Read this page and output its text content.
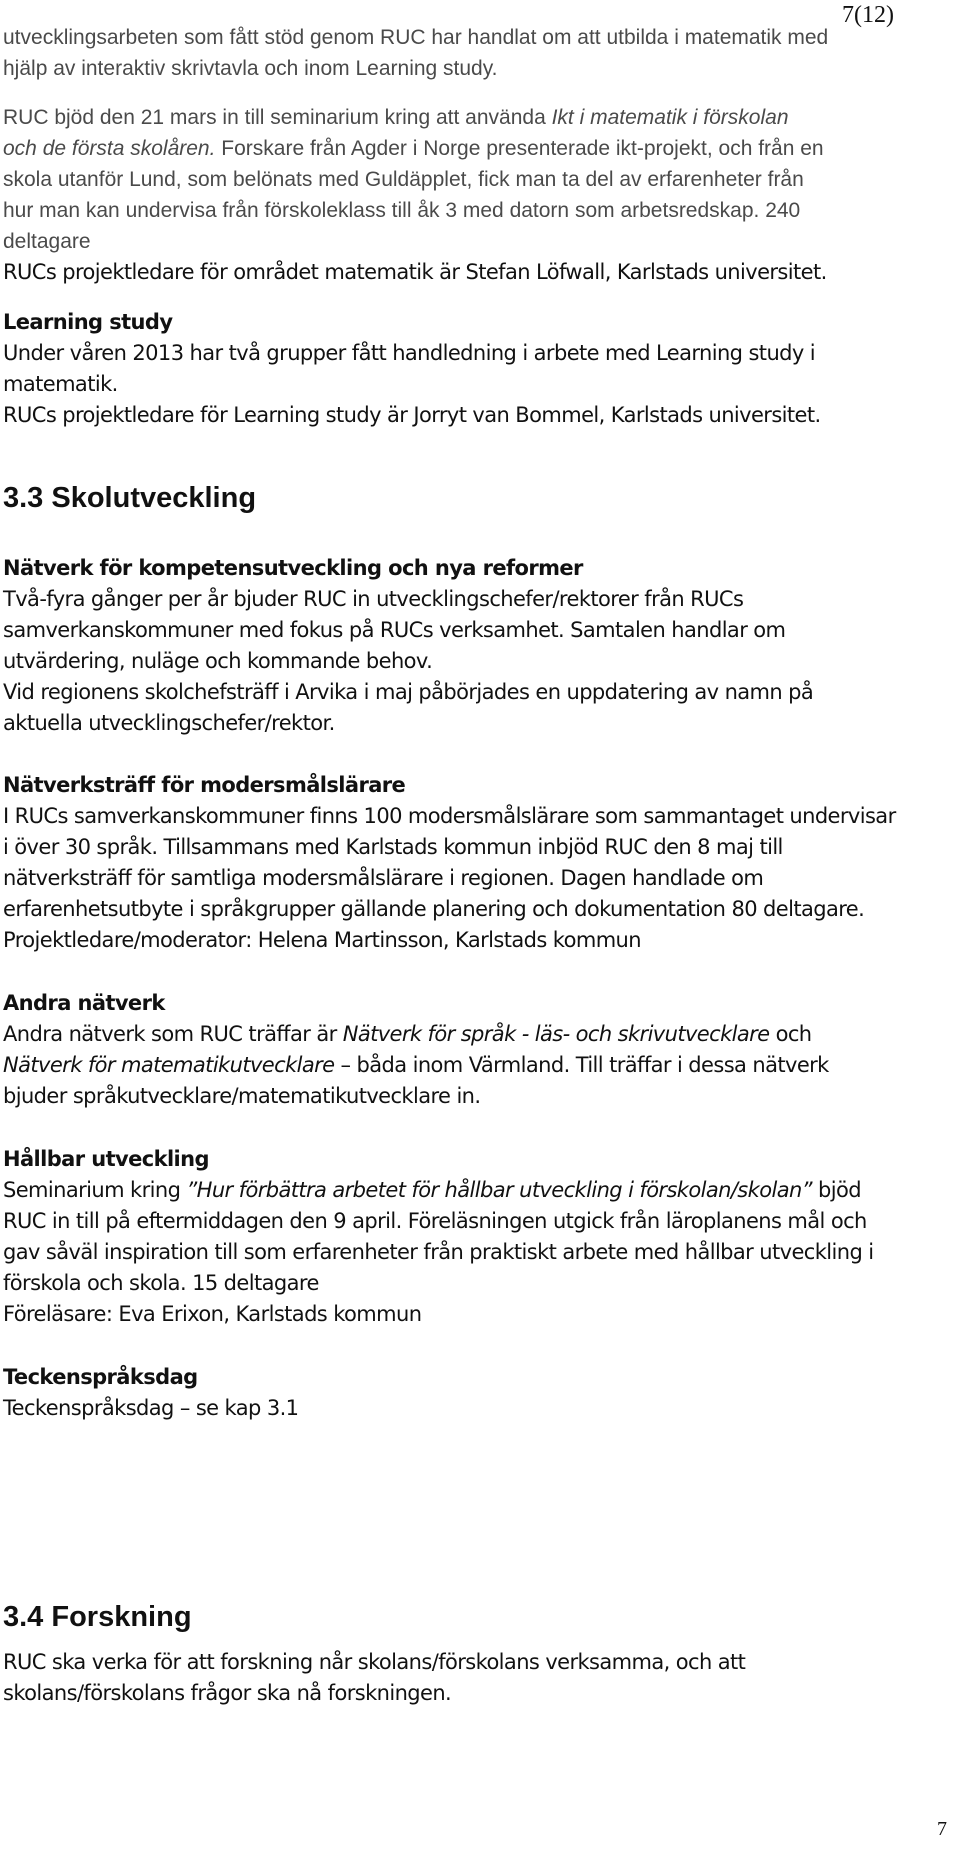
7(12)
utvecklingsarbeten som fått stöd genom RUC har handlat om att utbilda i matematik med
hjälp av interaktiv skrivtavla och inom Learning study.
RUC bjöd den 21 mars in till seminarium kring att använda Ikt i matematik i förskolan
och de första skolåren. Forskare från Agder i Norge presenterade ikt-projekt, och från en
skola utanför Lund, som belönats med Guldäpplet, fick man ta del av erfarenheter från
hur man kan undervisa från förskoleklass till åk 3 med datorn som arbetsredskap. 240
deltagare
RUCs projektledare för området matematik är Stefan Löfwall, Karlstads universitet.
Learning study
Under våren 2013 har två grupper fått handledning i arbete med Learning study i
matematik.
RUCs projektledare för Learning study är Jorryt van Bommel, Karlstads universitet.
3.3 Skolutveckling
Nätverk för kompetensutveckling och nya reformer
Två-fyra gånger per år bjuder RUC in utvecklingschefer/rektorer från RUCs
samverkanskommuner med fokus på RUCs verksamhet. Samtalen handlar om
utvärdering, nuläge och kommande behov.
Vid regionens skolchefsträff i Arvika i maj påbörjades en uppdatering av namn på
aktuella utvecklingschefer/rektor.
Nätverksträff för modersmålslärare
I RUCs samverkanskommuner finns 100 modersmålslärare som sammantaget undervisar
i över 30 språk. Tillsammans med Karlstads kommun inbjöd RUC den 8 maj till
nätverksträff för samtliga modersmålslärare i regionen. Dagen handlade om
erfarenhetsutbyte i språkgrupper gällande planering och dokumentation 80 deltagare.
Projektledare/moderator: Helena Martinsson, Karlstads kommun
Andra nätverk
Andra nätverk som RUC träffar är Nätverk för språk - läs- och skrivutvecklare och
Nätverk för matematikutvecklare – båda inom Värmland. Till träffar i dessa nätverk
bjuder språkutvecklare/matematikutvecklare in.
Hållbar utveckling
Seminarium kring ”Hur förbättra arbetet för hållbar utveckling i förskolan/skolan” bjöd
RUC in till på eftermiddagen den 9 april. Föreläsningen utgick från läroplanens mål och
gav såväl inspiration till som erfarenheter från praktiskt arbete med hållbar utveckling i
förskola och skola. 15 deltagare
Föreläsare: Eva Erixon, Karlstads kommun
Teckenspråksdag
Teckenspråksdag – se kap 3.1
3.4 Forskning
RUC ska verka för att forskning når skolans/förskolans verksamma, och att
skolans/förskolans frågor ska nå forskningen.
7
